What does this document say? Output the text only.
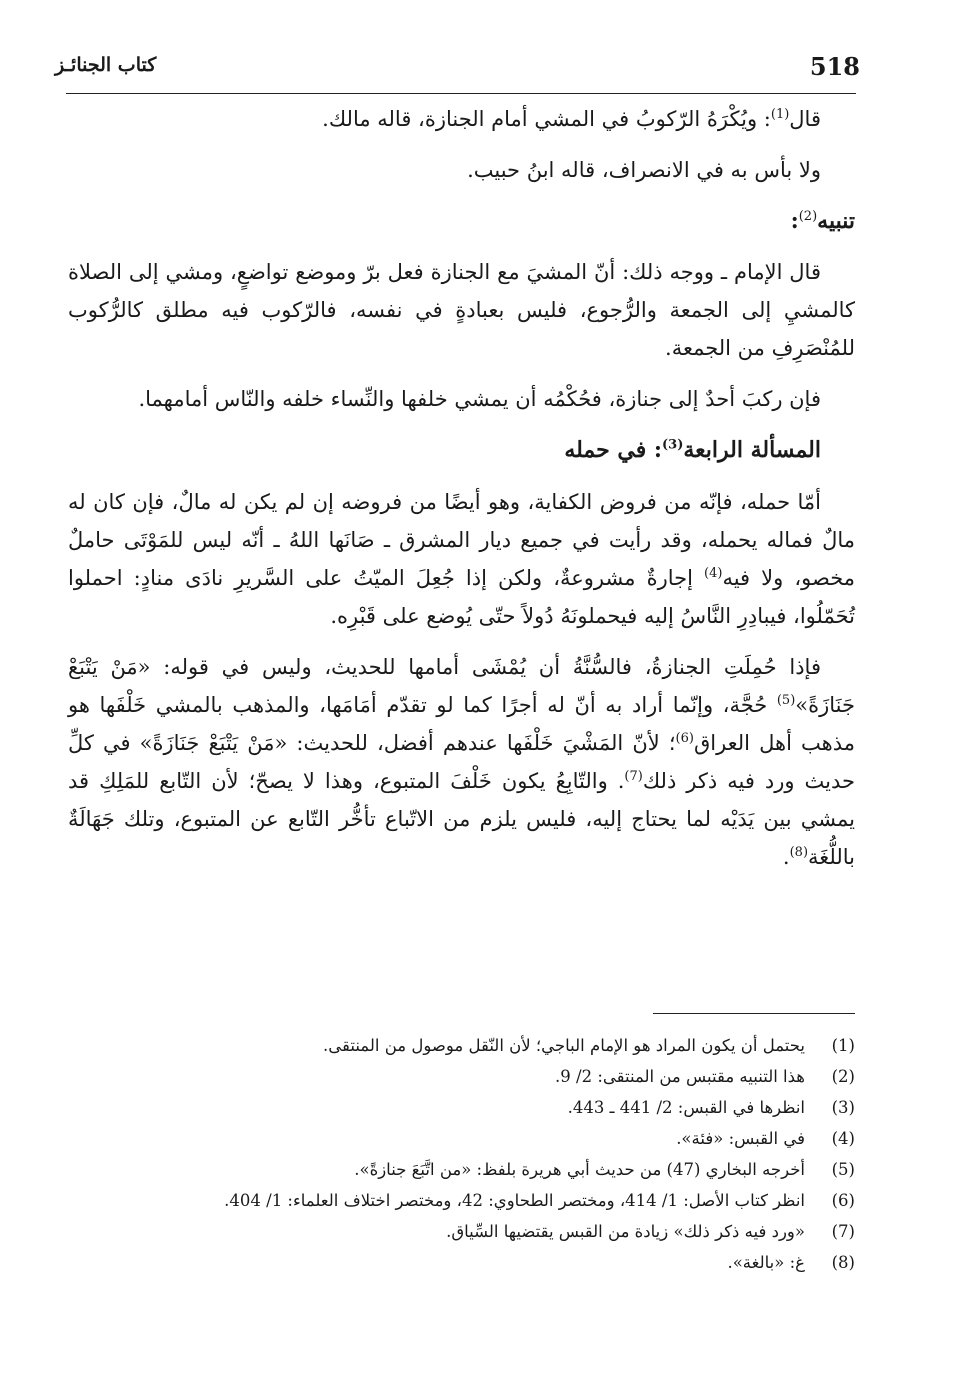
518
كتاب الجنائـز

قال$^{(1)}$: ويُكْرَهُ الرّكوبُ في المشي أمام الجنازة، قاله مالك.

ولا بأس به في الانصراف، قاله ابنُ حبيب.

تنبيه$^{(2)}$:

قال الإمام ـ ووجه ذلك: أنّ المشيَ مع الجنازة فعل برّ وموضع تواضعٍ، ومشي إلى الصلاة كالمشيِ إلى الجمعة والرُّجوع، فليس بعبادةٍ في نفسه، فالرّكوب فيه مطلق كالرُّكوب للمُنْصَرِفِ من الجمعة.

فإن ركبَ أحدٌ إلى جنازة، فحُكْمُه أن يمشي خلفها والنِّساء خلفه والنّاس أمامهما.

المسألة الرابعة$^{(3)}$: في حمله

أمّا حمله، فإنّه من فروض الكفاية، وهو أيضًا من فروضه إن لم يكن له مالٌ، فإن كان له مالٌ فماله يحمله، وقد رأيت في جميع ديار المشرق ـ صَانَها اللهُ ـ أنّه ليس للمَوْتَى حاملٌ مخصو، ولا فيه$^{(4)}$ إجارةٌ مشروعةٌ، ولكن إذا جُعِلَ الميّتُ على السَّريرِ نادَى منادٍ: احملوا تُحَمّلُوا، فيبادِرِ النَّاسُ إليه فيحملونَهُ دُولاً حتّى يُوضع على قَبْرِه.

فإذا حُمِلَتِ الجنازةُ، فالسُّنَّةُ أن يُمْشَى أمامها للحديث، وليس في قوله: «مَنْ يَتْبَعْ جَنَازَةً»$^{(5)}$ حُجَّة، وإنّما أراد به أنّ له أجرًا كما لو تقدّم أمَامَها، والمذهب بالمشي خَلْفَها هو مذهب أهل العراق$^{(6)}$؛ لأنّ المَشْيَ خَلْفَها عندهم أفضل، للحديث: «مَنْ يَتْبَعْ جَنَازَةً» في كلِّ حديث ورد فيه ذكر ذلك$^{(7)}$. والتّابِعُ يكون خَلْفَ المتبوع، وهذا لا يصحّ؛ لأن التّابع للمَلِكِ قد يمشي بين يَدَيْه لما يحتاج إليه، فليس يلزم من الاتّباع تأخُّر التّابع عن المتبوع، وتلك جَهَالَةٌ باللُّغَة$^{(8)}$.

(1)
يحتمل أن يكون المراد هو الإمام الباجي؛ لأن النّقل موصول من المنتقى.
(2)
هذا التنبيه مقتبس من المنتقى: 2/ 9.
(3)
انظرها في القبس: 2/ 441 ـ 443.
(4)
في القبس: «فئة».
(5)
أخرجه البخاري (47) من حديث أبي هريرة بلفظ: «من اتَّبَعَ جنازةً».
(6)
انظر كتاب الأصل: 1/ 414، ومختصر الطحاوي: 42، ومختصر اختلاف العلماء: 1/ 404.
(7)
«ورد فيه ذكر ذلك» زيادة من القبس يقتضيها السِّياق.
(8)
غ: «بالغة».
